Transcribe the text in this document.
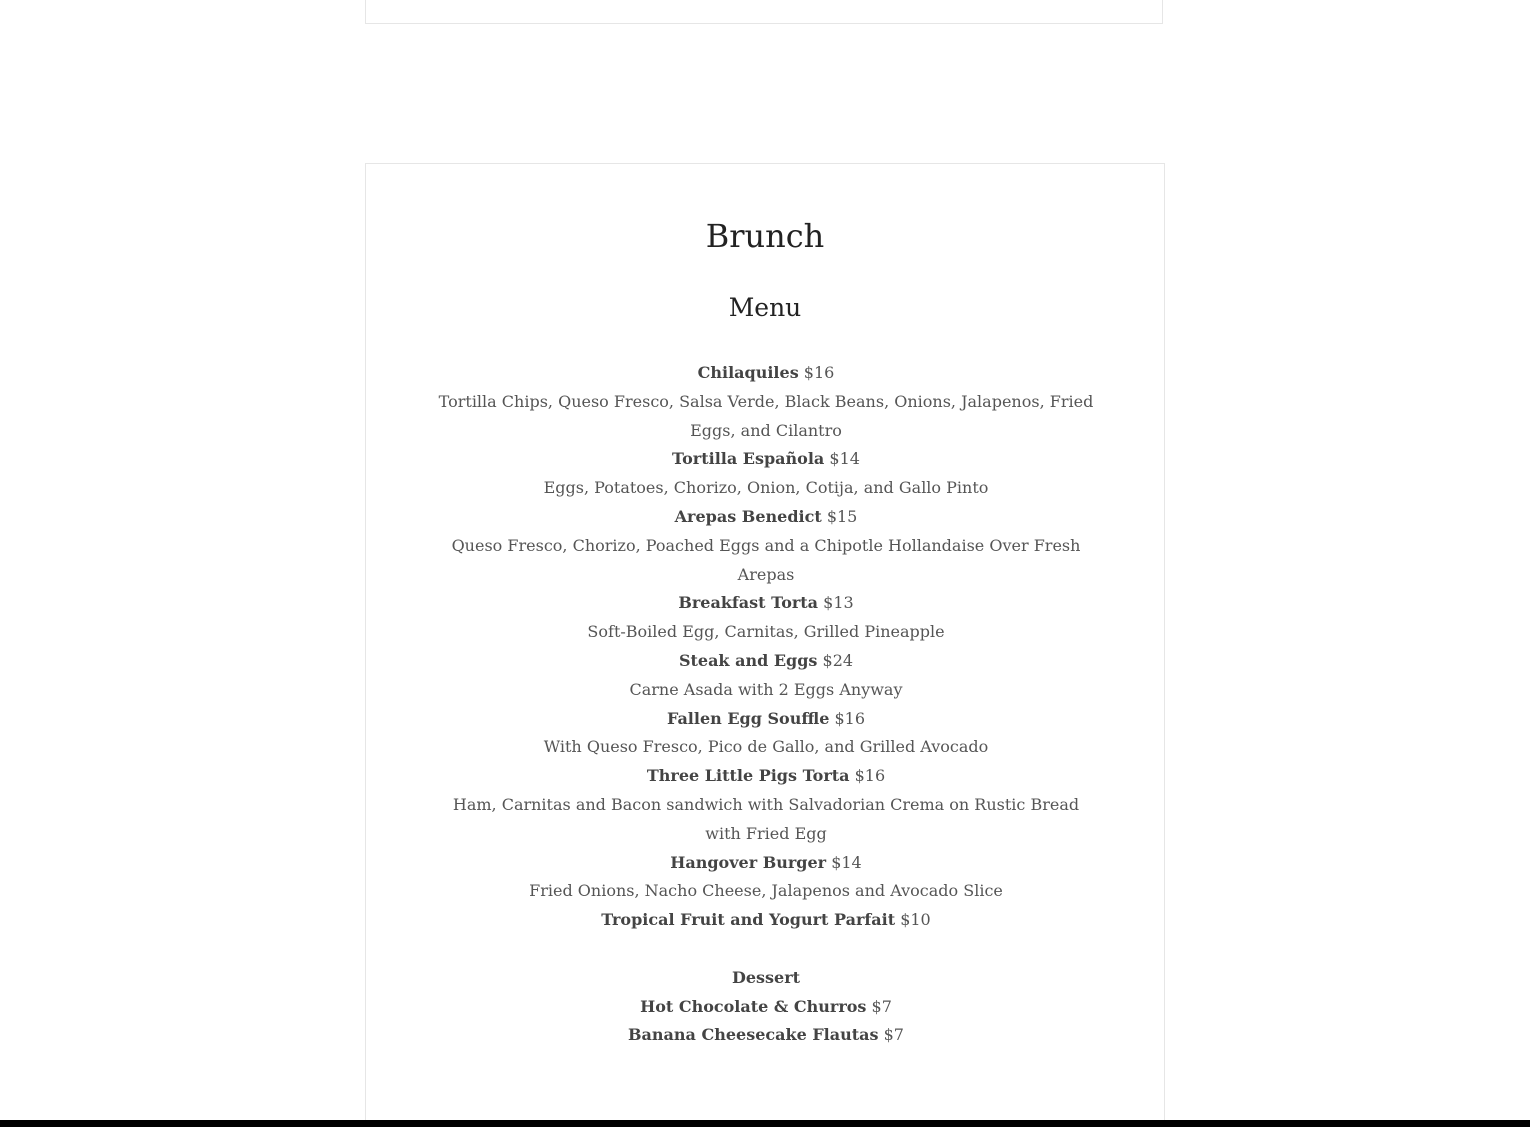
Brunch
Menu
Chilaquiles $16
Tortilla Chips, Queso Fresco, Salsa Verde, Black Beans, Onions, Jalapenos, Fried Eggs, and Cilantro
Tortilla Española $14
Eggs, Potatoes, Chorizo, Onion, Cotija, and Gallo Pinto
Arepas Benedict $15
Queso Fresco, Chorizo, Poached Eggs and a Chipotle Hollandaise Over Fresh Arepas
Breakfast Torta $13
Soft-Boiled Egg, Carnitas, Grilled Pineapple
Steak and Eggs $24
Carne Asada with 2 Eggs Anyway
Fallen Egg Souffle $16
With Queso Fresco, Pico de Gallo, and Grilled Avocado
Three Little Pigs Torta $16
Ham, Carnitas and Bacon sandwich with Salvadorian Crema on Rustic Bread with Fried Egg
Hangover Burger $14
Fried Onions, Nacho Cheese, Jalapenos and Avocado Slice
Tropical Fruit and Yogurt Parfait $10
Dessert
Hot Chocolate & Churros $7
Banana Cheesecake Flautas $7
